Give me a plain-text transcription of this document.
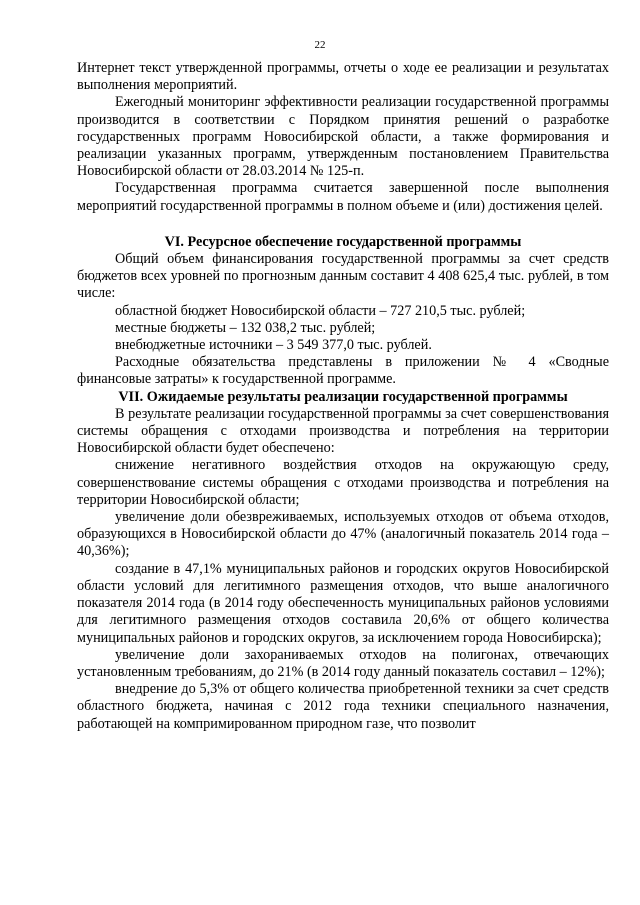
22

Интернет текст утвержденной программы, отчеты о ходе ее реализации и результатах выполнения мероприятий.

Ежегодный мониторинг эффективности реализации государственной программы производится в соответствии с Порядком принятия решений о разработке государственных программ Новосибирской области, а также формирования и реализации указанных программ, утвержденным постановлением Правительства Новосибирской области от 28.03.2014 № 125-п.

Государственная программа считается завершенной после выполнения мероприятий государственной программы в полном объеме и (или) достижения целей.

VI. Ресурсное обеспечение государственной программы

Общий объем финансирования государственной программы за счет средств бюджетов всех уровней по прогнозным данным составит 4 408 625,4 тыс. рублей, в том числе:

областной бюджет Новосибирской области – 727 210,5 тыс. рублей;

местные бюджеты – 132 038,2 тыс. рублей;

внебюджетные источники – 3 549 377,0 тыс. рублей.

Расходные обязательства представлены в приложении № 4 «Сводные финансовые затраты» к государственной программе.

VII. Ожидаемые результаты реализации государственной программы

В результате реализации государственной программы за счет совершенствования системы обращения с отходами производства и потребления на территории Новосибирской области будет обеспечено:

снижение негативного воздействия отходов на окружающую среду, совершенствование системы обращения с отходами производства и потребления на территории Новосибирской области;

увеличение доли обезвреживаемых, используемых отходов от объема отходов, образующихся в Новосибирской области до 47% (аналогичный показатель 2014 года – 40,36%);

создание в 47,1% муниципальных районов и городских округов Новосибирской области условий для легитимного размещения отходов, что выше аналогичного показателя 2014 года (в 2014 году обеспеченность муниципальных районов условиями для легитимного размещения отходов составила 20,6% от общего количества муниципальных районов и городских округов, за исключением города Новосибирска);

увеличение доли захораниваемых отходов на полигонах, отвечающих установленным требованиям, до 21% (в 2014 году данный показатель составил – 12%);

внедрение до 5,3% от общего количества приобретенной техники за счет средств областного бюджета, начиная с 2012 года техники специального назначения, работающей на компримированном природном газе, что позволит
